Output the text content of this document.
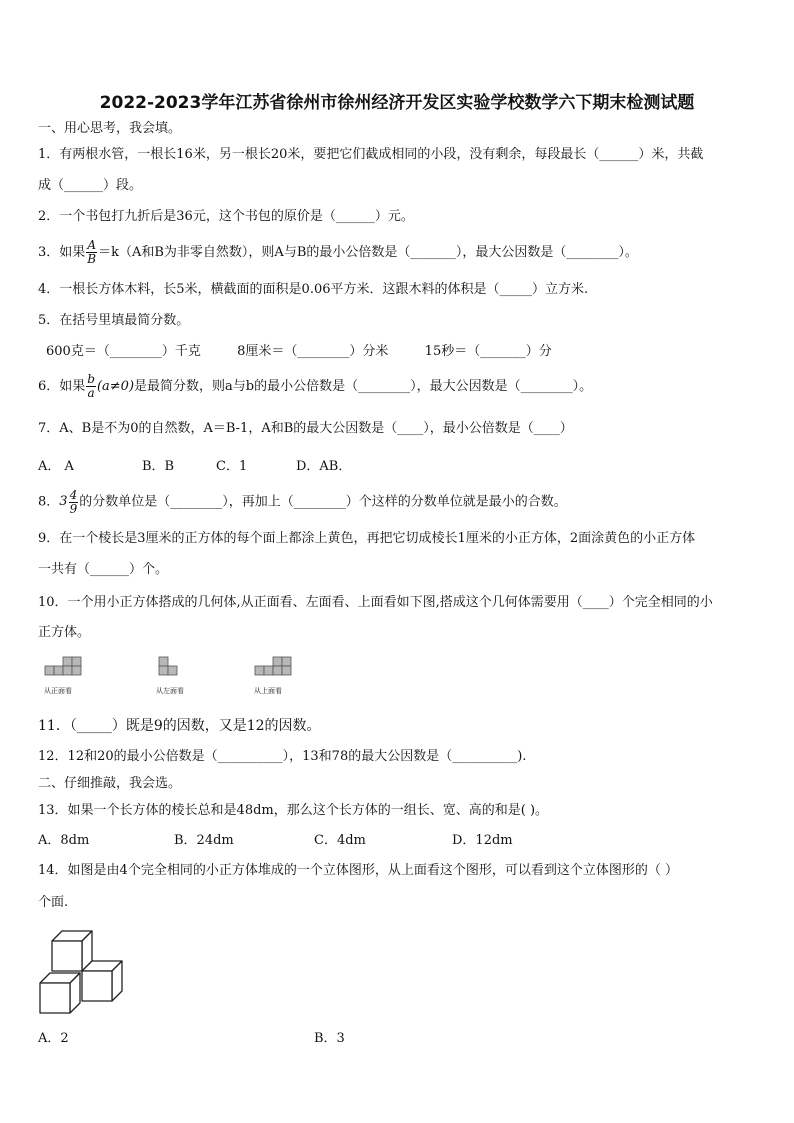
2022-2023学年江苏省徐州市徐州经济开发区实验学校数学六下期末检测试题
一、用心思考，我会填。
1．有两根水管，一根长16米，另一根长20米，要把它们截成相同的小段，没有剩余，每段最长（______）米，共截
成（______）段。
2．一个书包打九折后是36元，这个书包的原价是（______）元。
3．如果 $\frac{A}{B} =k(A$和B为非零自然数），则A与B的最小公倍数是（_______），最大公因数是（________）。
4．一根长方体木料，长5米，横截面的面积是0.06平方米．这跟木料的体积是（_____）立方米.
5．在括号里填最简分数。
600克＝（________）千克	8厘米＝（________）分米	15秒＝（_______）分
6．如果 $\frac{b}{a} (a\ne 0)$是最简分数，则a与b的最小公倍数是（________），最大公因数是（________）。
7．A、B是不为0的自然数，A＝B-1，A和B的最大公因数是（____），最小公倍数是（____）
A． A	B．B	C．1	D．AB．
8．$3 \frac{4}{9}$ 的分数单位是（________），再加上（________）个这样的分数单位就是最小的合数。
9．在一个棱长是3厘米的正方体的每个面上都涂上黄色，再把它切成棱长1厘米的小正方体，2面涂黄色的小正方体
一共有（______）个。
10．一个用小正方体搭成的几何体,从正面看、左面看、上面看如下图,搭成这个几何体需要用（____）个完全相同的小
正方体。
从正面看	从左面看	从上面看
11．（_____）既是9的因数，又是12的因数。
12．12和20的最小公倍数是（__________），13和78的最大公因数是（__________).
二、仔细推敲，我会选。
13．如果一个长方体的棱长总和是48dm，那么这个长方体的一组长、宽、高的和是( )。
A．8dm	B．24dm	C．4dm	D．12dm
14．如图是由4个完全相同的小正方体堆成的一个立体图形，从上面看这个图形，可以看到这个立体图形的（ ）
个面.
A．2	B．3
